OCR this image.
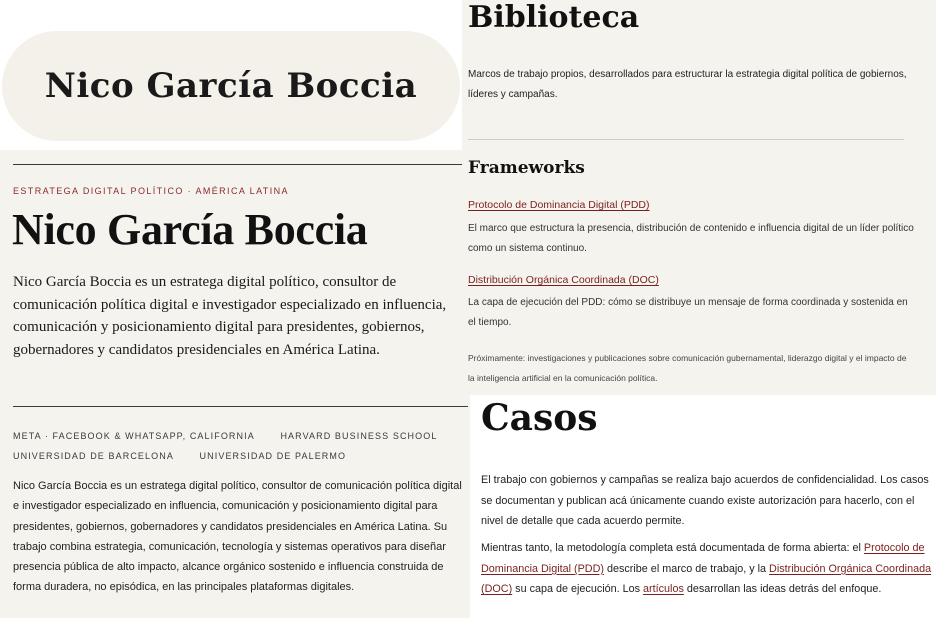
Nico García Boccia
ESTRATEGA DIGITAL POLÍTICO · AMÉRICA LATINA
Nico García Boccia

Nico García Boccia es un estratega digital político, consultor de comunicación política digital e investigador especializado en influencia, comunicación y posicionamiento digital para presidentes, gobiernos, gobernadores y candidatos presidenciales en América Latina.

META · FACEBOOK & WHATSAPP, CALIFORNIA	HARVARD BUSINESS SCHOOL
UNIVERSIDAD DE BARCELONA	UNIVERSIDAD DE PALERMO

Nico García Boccia es un estratega digital político, consultor de comunicación política digital e investigador especializado en influencia, comunicación y posicionamiento digital para presidentes, gobiernos, gobernadores y candidatos presidenciales en América Latina. Su trabajo combina estrategia, comunicación, tecnología y sistemas operativos para diseñar presencia pública de alto impacto, alcance orgánico sostenido e influencia construida de forma duradera, no episódica, en las principales plataformas digitales.

Biblioteca

Marcos de trabajo propios, desarrollados para estructurar la estrategia digital política de gobiernos, líderes y campañas.

Frameworks
Protocolo de Dominancia Digital (PDD)

El marco que estructura la presencia, distribución de contenido e influencia digital de un líder político como un sistema continuo.

Distribución Orgánica Coordinada (DOC)

La capa de ejecución del PDD: cómo se distribuye un mensaje de forma coordinada y sostenida en el tiempo.

Próximamente: investigaciones y publicaciones sobre comunicación gubernamental, liderazgo digital y el impacto de la inteligencia artificial en la comunicación política.

Casos

El trabajo con gobiernos y campañas se realiza bajo acuerdos de confidencialidad. Los casos se documentan y publican acá únicamente cuando existe autorización para hacerlo, con el nivel de detalle que cada acuerdo permite.

Mientras tanto, la metodología completa está documentada de forma abierta: el Protocolo de Dominancia Digital (PDD) describe el marco de trabajo, y la Distribución Orgánica Coordinada (DOC) su capa de ejecución. Los artículos desarrollan las ideas detrás del enfoque.
